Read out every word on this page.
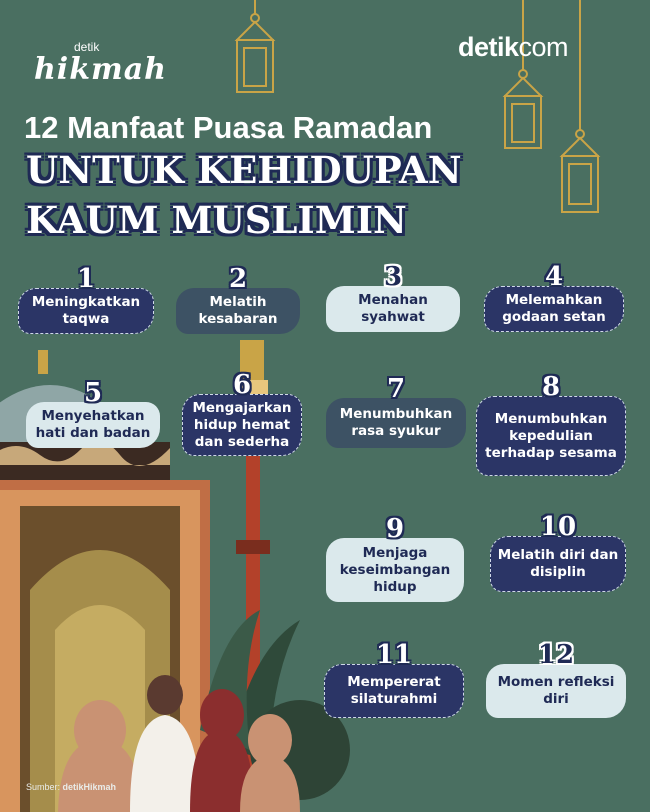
detik
hikmah
detikcom
12 Manfaat Puasa Ramadan
UNTUK KEHIDUPAN
KAUM MUSLIMIN
1
Meningkatkan taqwa
2
Melatih kesabaran
3
Menahan syahwat
4
Melemahkan godaan setan
5
Menyehatkan hati dan badan
6
Mengajarkan hidup hemat dan sederha
7
Menumbuhkan rasa syukur
8
Menumbuhkan kepedulian terhadap sesama
9
Menjaga keseimbangan hidup
10
Melatih diri dan disiplin
11
Mempererat silaturahmi
12
Momen refleksi diri
Sumber: detikHikmah
